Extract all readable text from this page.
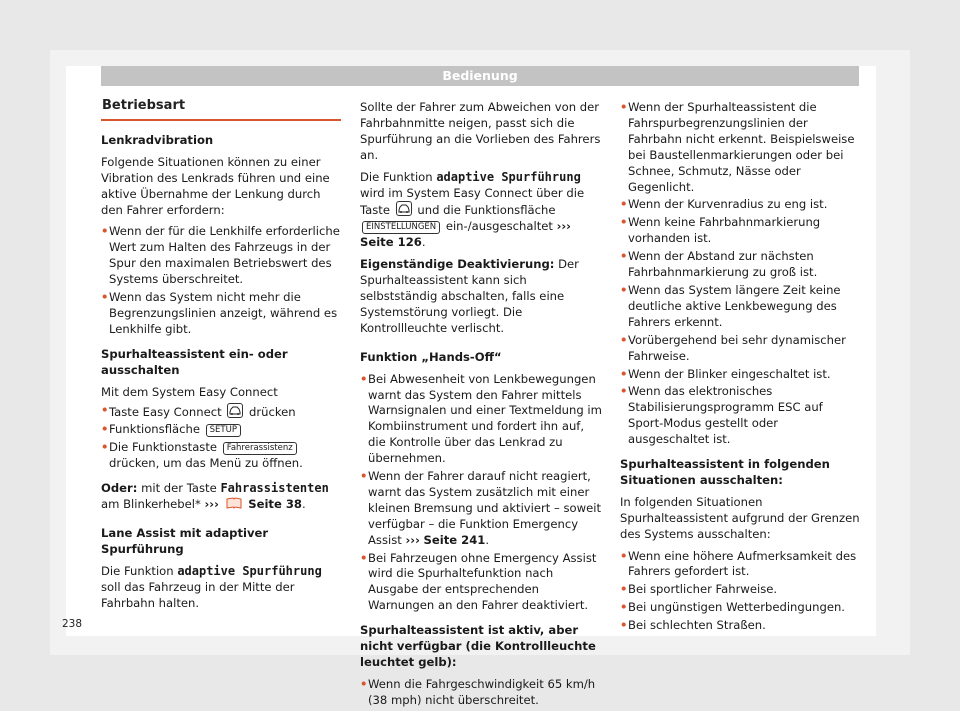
Bedienung
Betriebsart

Lenkradvibration

Folgende Situationen können zu einer Vibration des Lenkrads führen und eine aktive Übernahme der Lenkung durch den Fahrer erfordern:

• Wenn der für die Lenkhilfe erforderliche Wert zum Halten des Fahrzeugs in der Spur den maximalen Betriebswert des Systems überschreitet.
• Wenn das System nicht mehr die Begrenzungslinien anzeigt, während es Lenkhilfe gibt.

Spurhalteassistent ein- oder ausschalten

Mit dem System Easy Connect

• Taste Easy Connect drücken
• Funktionsfläche SETUP
• Die Funktionstaste Fahrerassistenz drücken, um das Menü zu öffnen.

Oder: mit der Taste Fahrassistenten am Blinkerhebel* ›››	Seite 38.

Lane Assist mit adaptiver Spurführung

Die Funktion adaptive Spurführung soll das Fahrzeug in der Mitte der Fahrbahn halten.

Sollte der Fahrer zum Abweichen von der Fahrbahnmitte neigen, passt sich die Spurführung an die Vorlieben des Fahrers an.

Die Funktion adaptive Spurführung wird im System Easy Connect über die Taste und die Funktionsfläche EINSTELLUNGEN ein-/ausgeschaltet ››› Seite 126.

Eigenständige Deaktivierung: Der Spurhalteassistent kann sich selbstständig abschalten, falls eine Systemstörung vorliegt. Die Kontrollleuchte verlischt.

Funktion „Hands-Off“

• Bei Abwesenheit von Lenkbewegungen warnt das System den Fahrer mittels Warnsignalen und einer Textmeldung im Kombiinstrument und fordert ihn auf, die Kontrolle über das Lenkrad zu übernehmen.
• Wenn der Fahrer darauf nicht reagiert, warnt das System zusätzlich mit einer kleinen Bremsung und aktiviert – soweit verfügbar – die Funktion Emergency Assist ››› Seite 241.
• Bei Fahrzeugen ohne Emergency Assist wird die Spurhaltefunktion nach Ausgabe der entsprechenden Warnungen an den Fahrer deaktiviert.

Spurhalteassistent ist aktiv, aber nicht verfügbar (die Kontrollleuchte leuchtet gelb):

• Wenn die Fahrgeschwindigkeit 65 km/h (38 mph) nicht überschreitet.
• Wenn der Spurhalteassistent die Fahrspurbegrenzungslinien der Fahrbahn nicht erkennt. Beispielsweise bei Baustellenmarkierungen oder bei Schnee, Schmutz, Nässe oder Gegenlicht.
• Wenn der Kurvenradius zu eng ist.
• Wenn keine Fahrbahnmarkierung vorhanden ist.
• Wenn der Abstand zur nächsten Fahrbahnmarkierung zu groß ist.
• Wenn das System längere Zeit keine deutliche aktive Lenkbewegung des Fahrers erkennt.
• Vorübergehend bei sehr dynamischer Fahrweise.
• Wenn der Blinker eingeschaltet ist.
• Wenn das elektronisches Stabilisierungsprogramm ESC auf Sport-Modus gestellt oder ausgeschaltet ist.

Spurhalteassistent in folgenden Situationen ausschalten:

In folgenden Situationen Spurhalteassistent aufgrund der Grenzen des Systems ausschalten:

• Wenn eine höhere Aufmerksamkeit des Fahrers gefordert ist.
• Bei sportlicher Fahrweise.
• Bei ungünstigen Wetterbedingungen.
• Bei schlechten Straßen.
238
